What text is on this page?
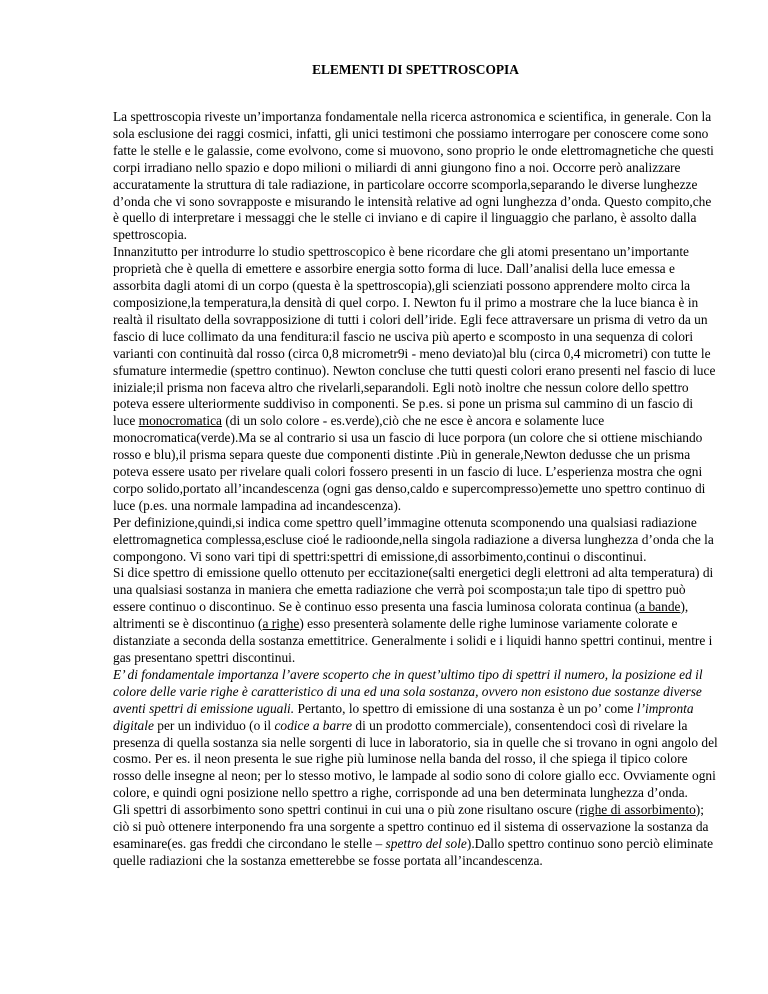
ELEMENTI DI SPETTROSCOPIA

La spettroscopia riveste un’importanza fondamentale nella ricerca astronomica e scientifica, in generale. Con la sola esclusione dei raggi cosmici, infatti, gli unici testimoni che possiamo interrogare per conoscere come sono fatte le stelle e le galassie, come evolvono, come si muovono, sono proprio le onde elettromagnetiche che questi corpi irradiano nello spazio e dopo milioni o miliardi di anni giungono fino a noi. Occorre però analizzare accuratamente la struttura di tale radiazione, in particolare occorre scomporla,separando le diverse lunghezze d’onda che vi sono sovrapposte e misurando le intensità relative ad ogni lunghezza d’onda. Questo compito,che è quello di interpretare i messaggi che le stelle ci inviano e di capire il linguaggio che parlano, è assolto dalla spettroscopia.

Innanzitutto per introdurre lo studio spettroscopico è bene ricordare che gli atomi presentano un’importante proprietà che è quella di emettere e assorbire energia sotto forma di luce. Dall’analisi della luce emessa e assorbita dagli atomi di un corpo (questa è la spettroscopia),gli scienziati possono apprendere molto circa la composizione,la temperatura,la densità di quel corpo. I. Newton fu il primo a mostrare che la luce bianca è in realtà il risultato della sovrapposizione di tutti i colori dell’iride. Egli fece attraversare un prisma di vetro da un fascio di luce collimato da una fenditura:il fascio ne usciva più aperto e scomposto in una sequenza di colori varianti con continuità dal rosso (circa 0,8 micrometr9i - meno deviato)al blu (circa 0,4 micrometri) con tutte le sfumature intermedie (spettro continuo). Newton concluse che tutti questi colori erano presenti nel fascio di luce iniziale;il prisma non faceva altro che rivelarli,separandoli. Egli notò inoltre che nessun colore dello spettro poteva essere ulteriormente suddiviso in componenti. Se p.es. si pone un prisma sul cammino di un fascio di luce monocromatica (di un solo colore - es.verde),ciò che ne esce è ancora e solamente luce monocromatica(verde).Ma se al contrario si usa un fascio di luce porpora (un colore che si ottiene mischiando rosso e blu),il prisma separa queste due componenti distinte .Più in generale,Newton dedusse che un prisma poteva essere usato per rivelare quali colori fossero presenti in un fascio di luce. L’esperienza mostra che ogni corpo solido,portato all’incandescenza (ogni gas denso,caldo e supercompresso)emette uno spettro continuo di luce (p.es. una normale lampadina ad incandescenza).

Per definizione,quindi,si indica come spettro quell’immagine ottenuta scomponendo una qualsiasi radiazione elettromagnetica complessa,escluse cioé le radioonde,nella singola radiazione a diversa lunghezza d’onda che la compongono. Vi sono vari tipi di spettri:spettri di emissione,di assorbimento,continui o discontinui.

Si dice spettro di emissione quello ottenuto per eccitazione(salti energetici degli elettroni ad alta temperatura) di una qualsiasi sostanza in maniera che emetta radiazione che verrà poi scomposta;un tale tipo di spettro può essere continuo o discontinuo. Se è continuo esso presenta una fascia luminosa colorata continua (a bande), altrimenti se è discontinuo (a righe) esso presenterà solamente delle righe luminose variamente colorate e distanziate a seconda della sostanza emettitrice. Generalmente i solidi e i liquidi hanno spettri continui, mentre i gas presentano spettri discontinui.

E’ di fondamentale importanza l’avere scoperto che in quest’ultimo tipo di spettri il numero, la posizione ed il colore delle varie righe è caratteristico di una ed una sola sostanza, ovvero non esistono due sostanze diverse aventi spettri di emissione uguali. Pertanto, lo spettro di emissione di una sostanza è un po’ come l’impronta digitale per un individuo (o il codice a barre di un prodotto commerciale), consentendoci così di rivelare la presenza di quella sostanza sia nelle sorgenti di luce in laboratorio, sia in quelle che si trovano in ogni angolo del cosmo. Per es. il neon presenta le sue righe più luminose nella banda del rosso, il che spiega il tipico colore rosso delle insegne al neon; per lo stesso motivo, le lampade al sodio sono di colore giallo ecc. Ovviamente ogni colore, e quindi ogni posizione nello spettro a righe, corrisponde ad una ben determinata lunghezza d’onda.

Gli spettri di assorbimento sono spettri continui in cui una o più zone risultano oscure (righe di assorbimento); ciò si può ottenere interponendo fra una sorgente a spettro continuo ed il sistema di osservazione la sostanza da esaminare(es. gas freddi che circondano le stelle – spettro del sole).Dallo spettro continuo sono perciò eliminate quelle radiazioni che la sostanza emetterebbe se fosse portata all’incandescenza.
